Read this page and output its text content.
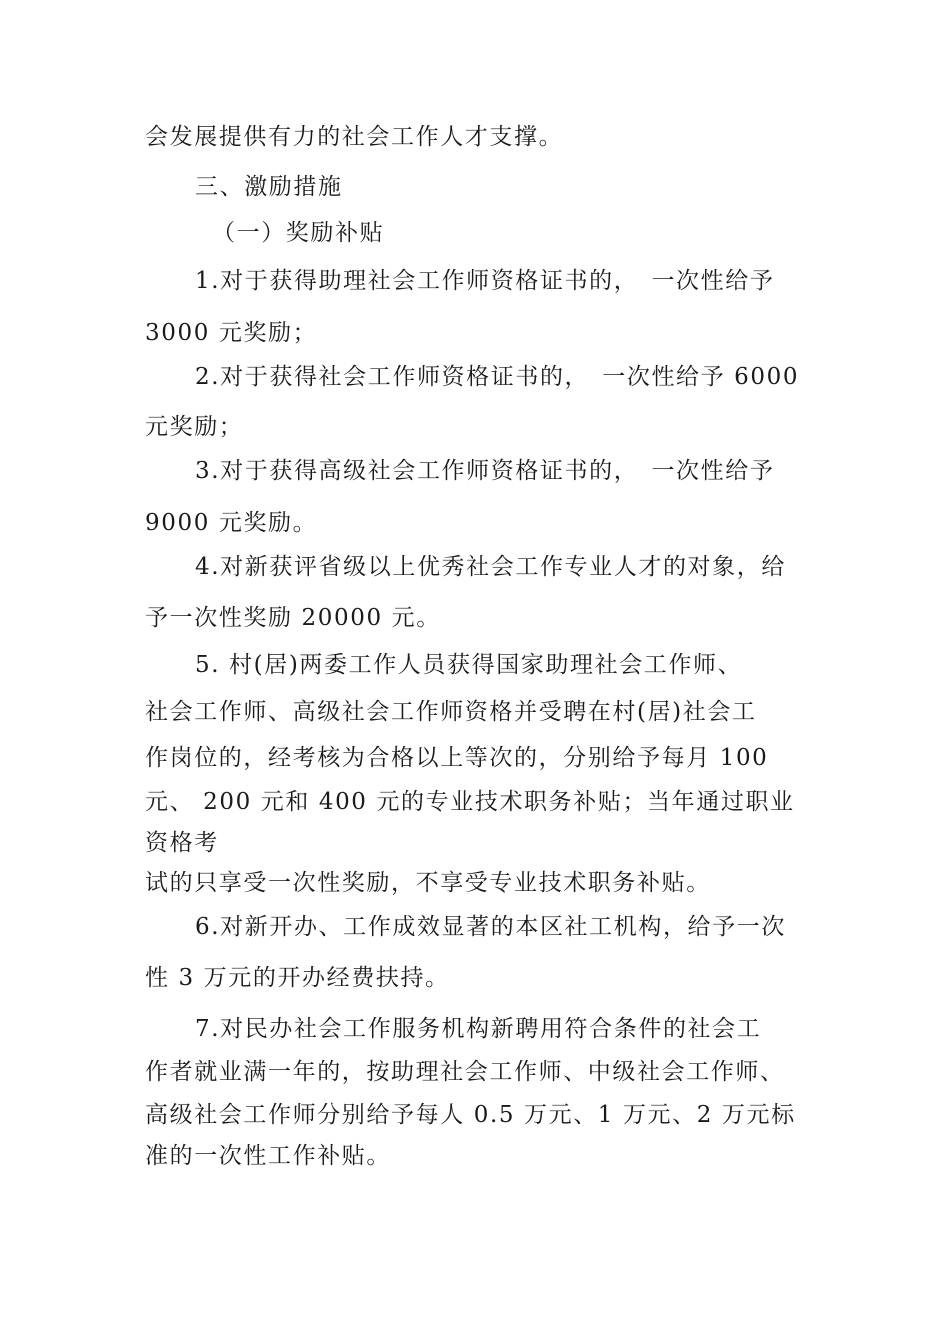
会发展提供有力的社会工作人才支撑。
三、激励措施
（一）奖励补贴
1.对于获得助理社会工作师资格证书的，　一次性给予
3000 元奖励；
2.对于获得社会工作师资格证书的，　一次性给予 6000
元奖励；
3.对于获得高级社会工作师资格证书的，　一次性给予
9000 元奖励。
4.对新获评省级以上优秀社会工作专业人才的对象，给
予一次性奖励 20000 元。
5. 村(居)两委工作人员获得国家助理社会工作师、
社会工作师、高级社会工作师资格并受聘在村(居)社会工
作岗位的，经考核为合格以上等次的，分别给予每月 100
元、 200 元和 400 元的专业技术职务补贴；当年通过职业
资格考
试的只享受一次性奖励，不享受专业技术职务补贴。
6.对新开办、工作成效显著的本区社工机构，给予一次
性 3 万元的开办经费扶持。
7.对民办社会工作服务机构新聘用符合条件的社会工
作者就业满一年的，按助理社会工作师、中级社会工作师、
高级社会工作师分别给予每人 0.5 万元、1 万元、2 万元标
准的一次性工作补贴。
